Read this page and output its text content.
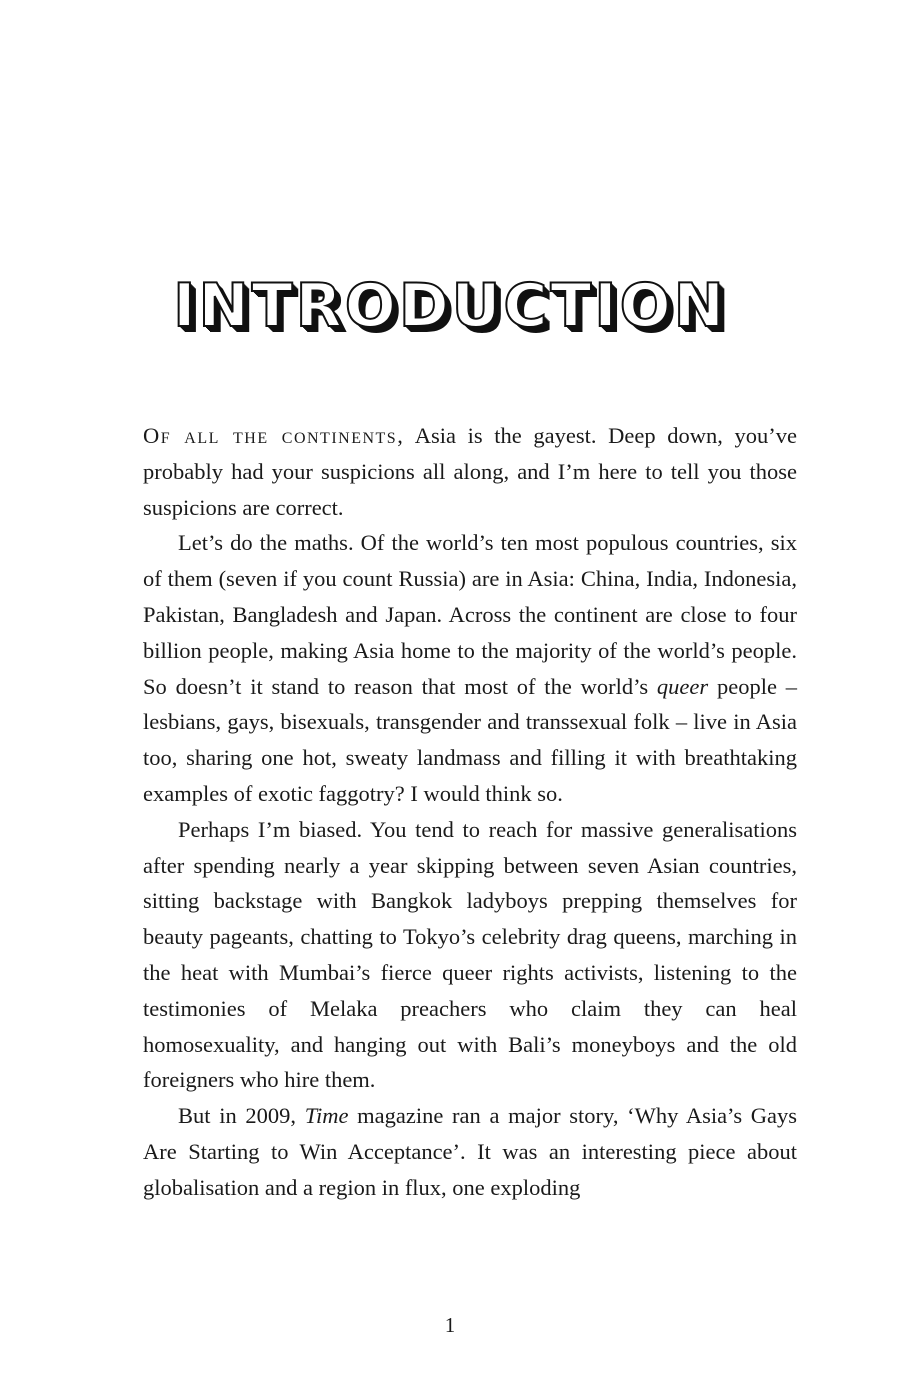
INTRODUCTION

Of all the continents, Asia is the gayest. Deep down, you’ve probably had your suspicions all along, and I’m here to tell you those suspicions are correct.

Let’s do the maths. Of the world’s ten most populous countries, six of them (seven if you count Russia) are in Asia: China, India, Indonesia, Pakistan, Bangladesh and Japan. Across the continent are close to four billion people, making Asia home to the majority of the world’s people. So doesn’t it stand to reason that most of the world’s queer people – lesbians, gays, bisexuals, transgender and transsexual folk – live in Asia too, sharing one hot, sweaty landmass and filling it with breathtaking examples of exotic faggotry? I would think so.

Perhaps I’m biased. You tend to reach for massive generalisations after spending nearly a year skipping between seven Asian countries, sitting backstage with Bangkok ladyboys prepping themselves for beauty pageants, chatting to Tokyo’s celebrity drag queens, marching in the heat with Mumbai’s fierce queer rights activists, listening to the testimonies of Melaka preachers who claim they can heal homosexuality, and hanging out with Bali’s moneyboys and the old foreigners who hire them.

But in 2009, Time magazine ran a major story, ‘Why Asia’s Gays Are Starting to Win Acceptance’. It was an interesting piece about globalisation and a region in flux, one exploding

1
